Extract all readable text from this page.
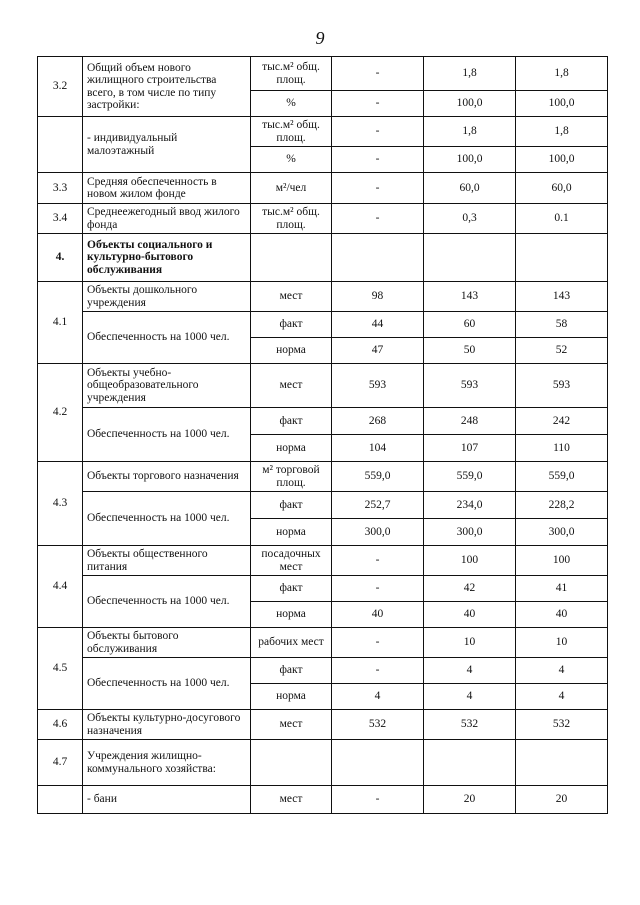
9
3.2	Общий объем нового жилищного строительства всего, в том числе по типу застройки:	тыс.м² общ. площ.	-	1,8	1,8
		%	-	100,0	100,0
	- индивидуальный малоэтажный	тыс.м² общ. площ.	-	1,8	1,8
		%	-	100,0	100,0
3.3	Средняя обеспеченность в новом жилом фонде	м²/чел	-	60,0	60,0
3.4	Среднеежегодный ввод жилого фонда	тыс.м² общ. площ.	-	0,3	0.1
4.	Объекты социального и культурно-бытового обслуживания				
4.1	Объекты дошкольного учреждения	мест	98	143	143
	Обеспеченность на 1000 чел.	факт	44	60	58
		норма	47	50	52
4.2	Объекты учебно-общеобразовательного учреждения	мест	593	593	593
	Обеспеченность на 1000 чел.	факт	268	248	242
		норма	104	107	110
4.3	Объекты торгового назначения	м² торговой площ.	559,0	559,0	559,0
	Обеспеченность на 1000 чел.	факт	252,7	234,0	228,2
		норма	300,0	300,0	300,0
4.4	Объекты общественного питания	посадочных мест	-	100	100
	Обеспеченность на 1000 чел.	факт	-	42	41
		норма	40	40	40
4.5	Объекты бытового обслуживания	рабочих мест	-	10	10
	Обеспеченность на 1000 чел.	факт	-	4	4
		норма	4	4	4
4.6	Объекты культурно-досугового назначения	мест	532	532	532
4.7	Учреждения жилищно-коммунального хозяйства:				
	- бани	мест	-	20	20
